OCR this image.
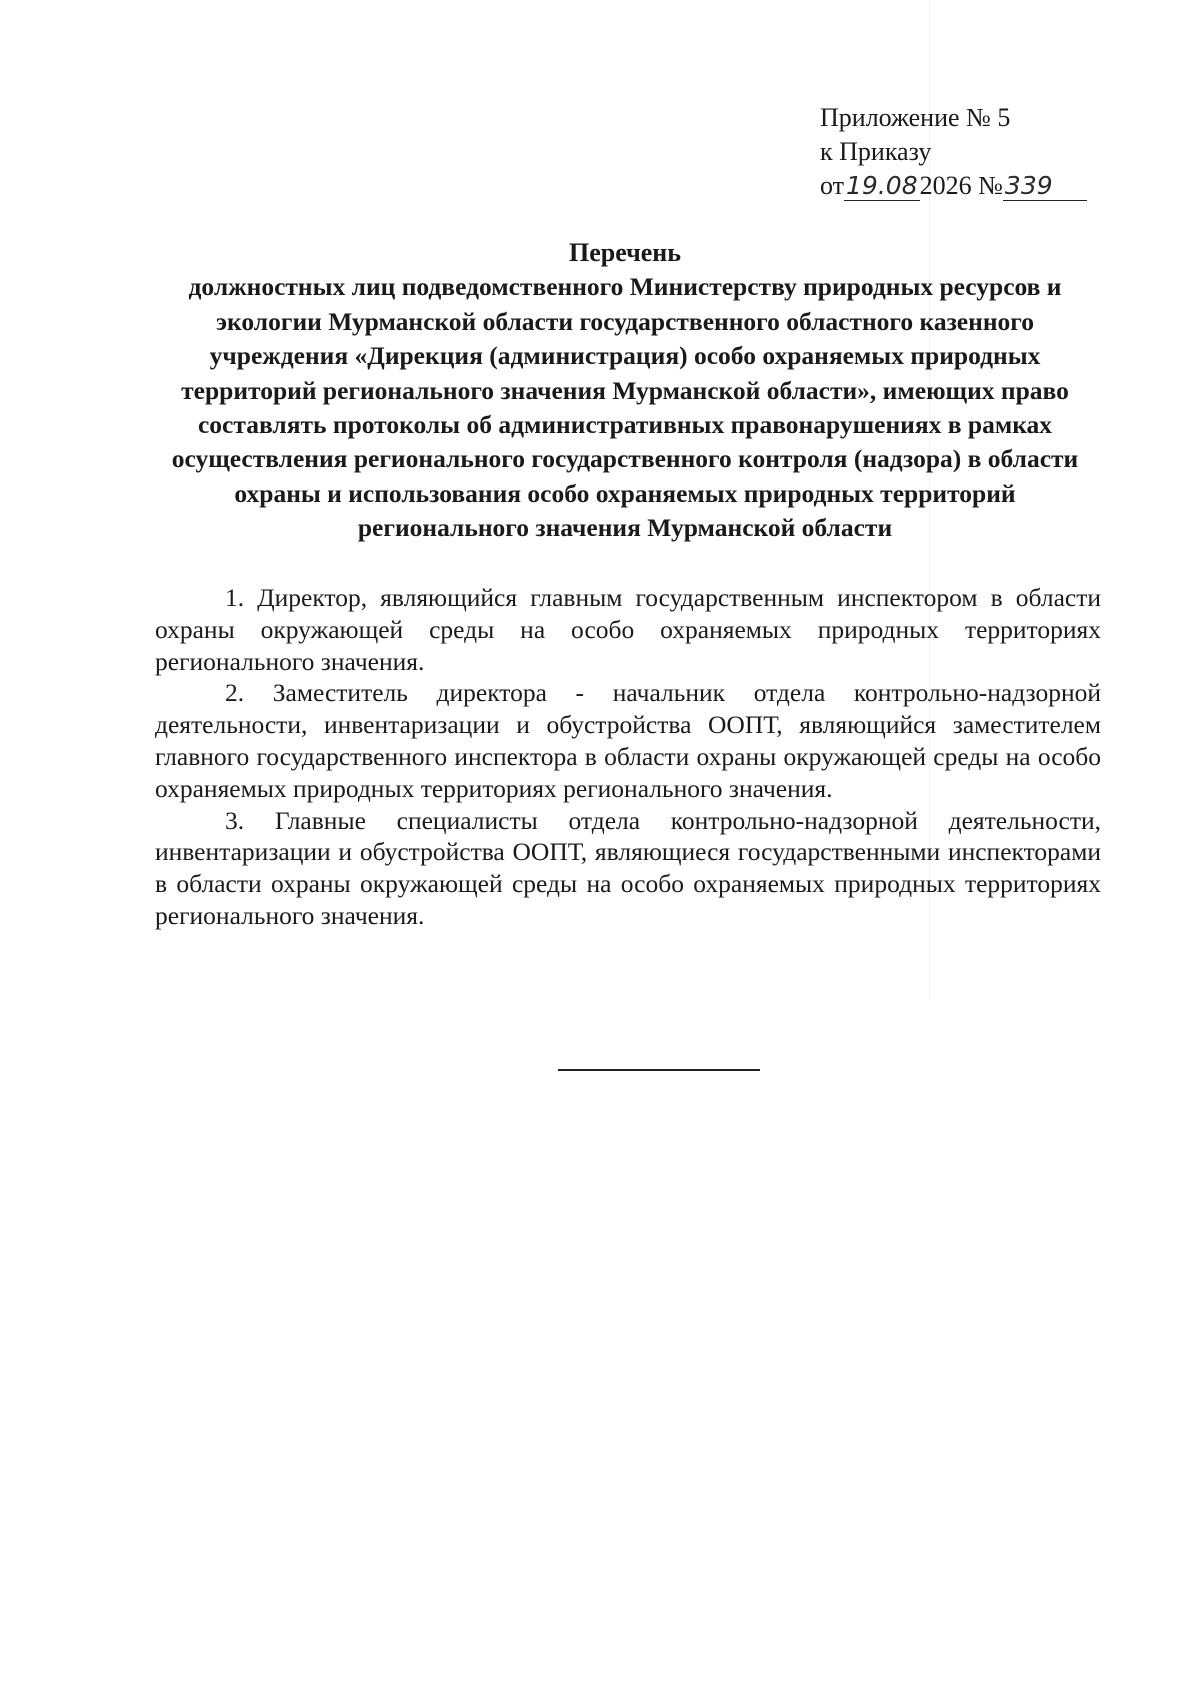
Приложение № 5
к Приказу
от19.082026 №339
Перечень
должностных лиц подведомственного Министерству природных ресурсов и экологии Мурманской области государственного областного казенного учреждения «Дирекция (администрация) особо охраняемых природных территорий регионального значения Мурманской области», имеющих право составлять протоколы об административных правонарушениях в рамках осуществления регионального государственного контроля (надзора) в области охраны и использования особо охраняемых природных территорий регионального значения Мурманской области

1. Директор, являющийся главным государственным инспектором в области охраны окружающей среды на особо охраняемых природных территориях регионального значения.

2. Заместитель директора - начальник отдела контрольно-надзорной деятельности, инвентаризации и обустройства ООПТ, являющийся заместителем главного государственного инспектора в области охраны окружающей среды на особо охраняемых природных территориях регионального значения.

3. Главные специалисты отдела контрольно-надзорной деятельности, инвентаризации и обустройства ООПТ, являющиеся государственными инспекторами в области охраны окружающей среды на особо охраняемых природных территориях регионального значения.
